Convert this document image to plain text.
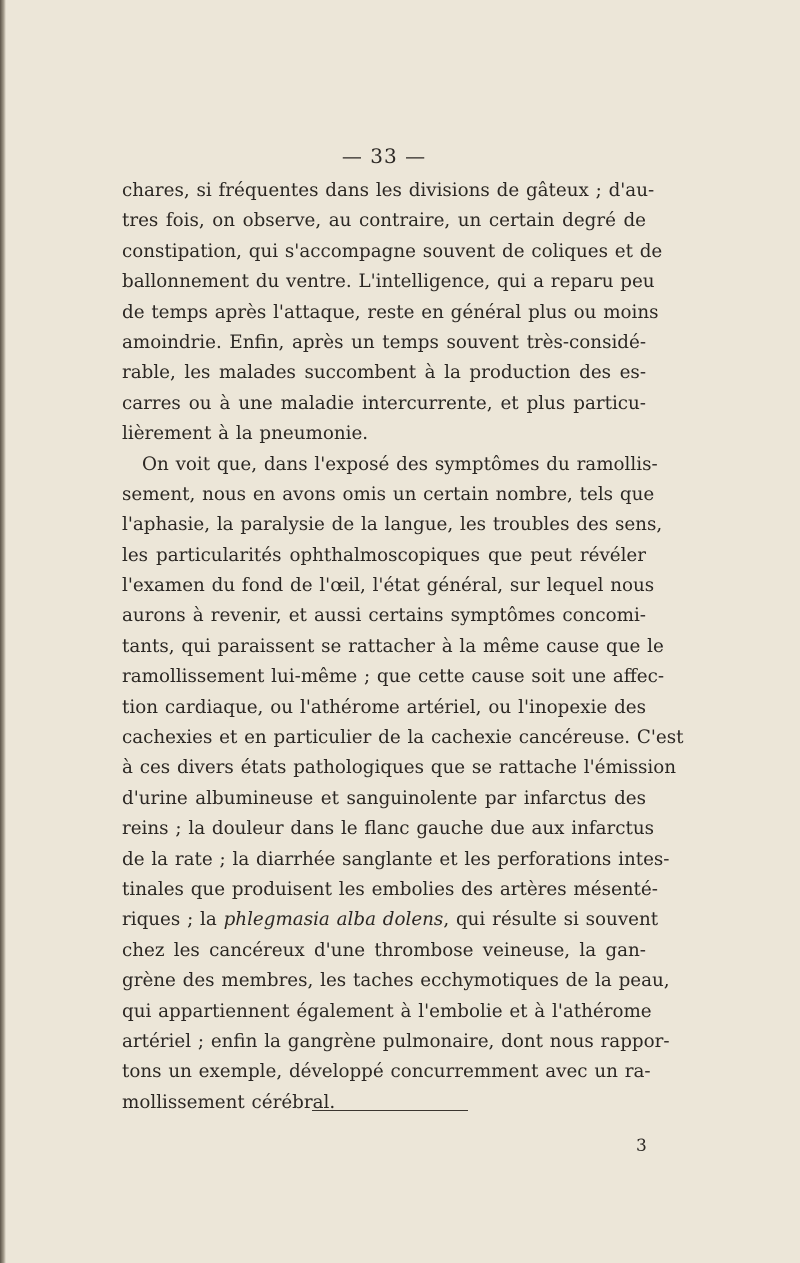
— 33 —
chares, si fréquentes dans les divisions de gâteux ; d'au-
tres fois, on observe, au contraire, un certain degré de
constipation, qui s'accompagne souvent de coliques et de
ballonnement du ventre. L'intelligence, qui a reparu peu
de temps après l'attaque, reste en général plus ou moins
amoindrie. Enfin, après un temps souvent très-considé-
rable, les malades succombent à la production des es-
carres ou à une maladie intercurrente, et plus particu-
lièrement à la pneumonie.
On voit que, dans l'exposé des symptômes du ramollis-
sement, nous en avons omis un certain nombre, tels que
l'aphasie, la paralysie de la langue, les troubles des sens,
les particularités ophthalmoscopiques que peut révéler
l'examen du fond de l'œil, l'état général, sur lequel nous
aurons à revenir, et aussi certains symptômes concomi-
tants, qui paraissent se rattacher à la même cause que le
ramollissement lui-même ; que cette cause soit une affec-
tion cardiaque, ou l'athérome artériel, ou l'inopexie des
cachexies et en particulier de la cachexie cancéreuse. C'est
à ces divers états pathologiques que se rattache l'émission
d'urine albumineuse et sanguinolente par infarctus des
reins ; la douleur dans le flanc gauche due aux infarctus
de la rate ; la diarrhée sanglante et les perforations intes-
tinales que produisent les embolies des artères mésenté-
riques ; la phlegmasia alba dolens, qui résulte si souvent
chez les cancéreux d'une thrombose veineuse, la gan-
grène des membres, les taches ecchymotiques de la peau,
qui appartiennent également à l'embolie et à l'athérome
artériel ; enfin la gangrène pulmonaire, dont nous rappor-
tons un exemple, développé concurremment avec un ra-
mollissement cérébral.
3
